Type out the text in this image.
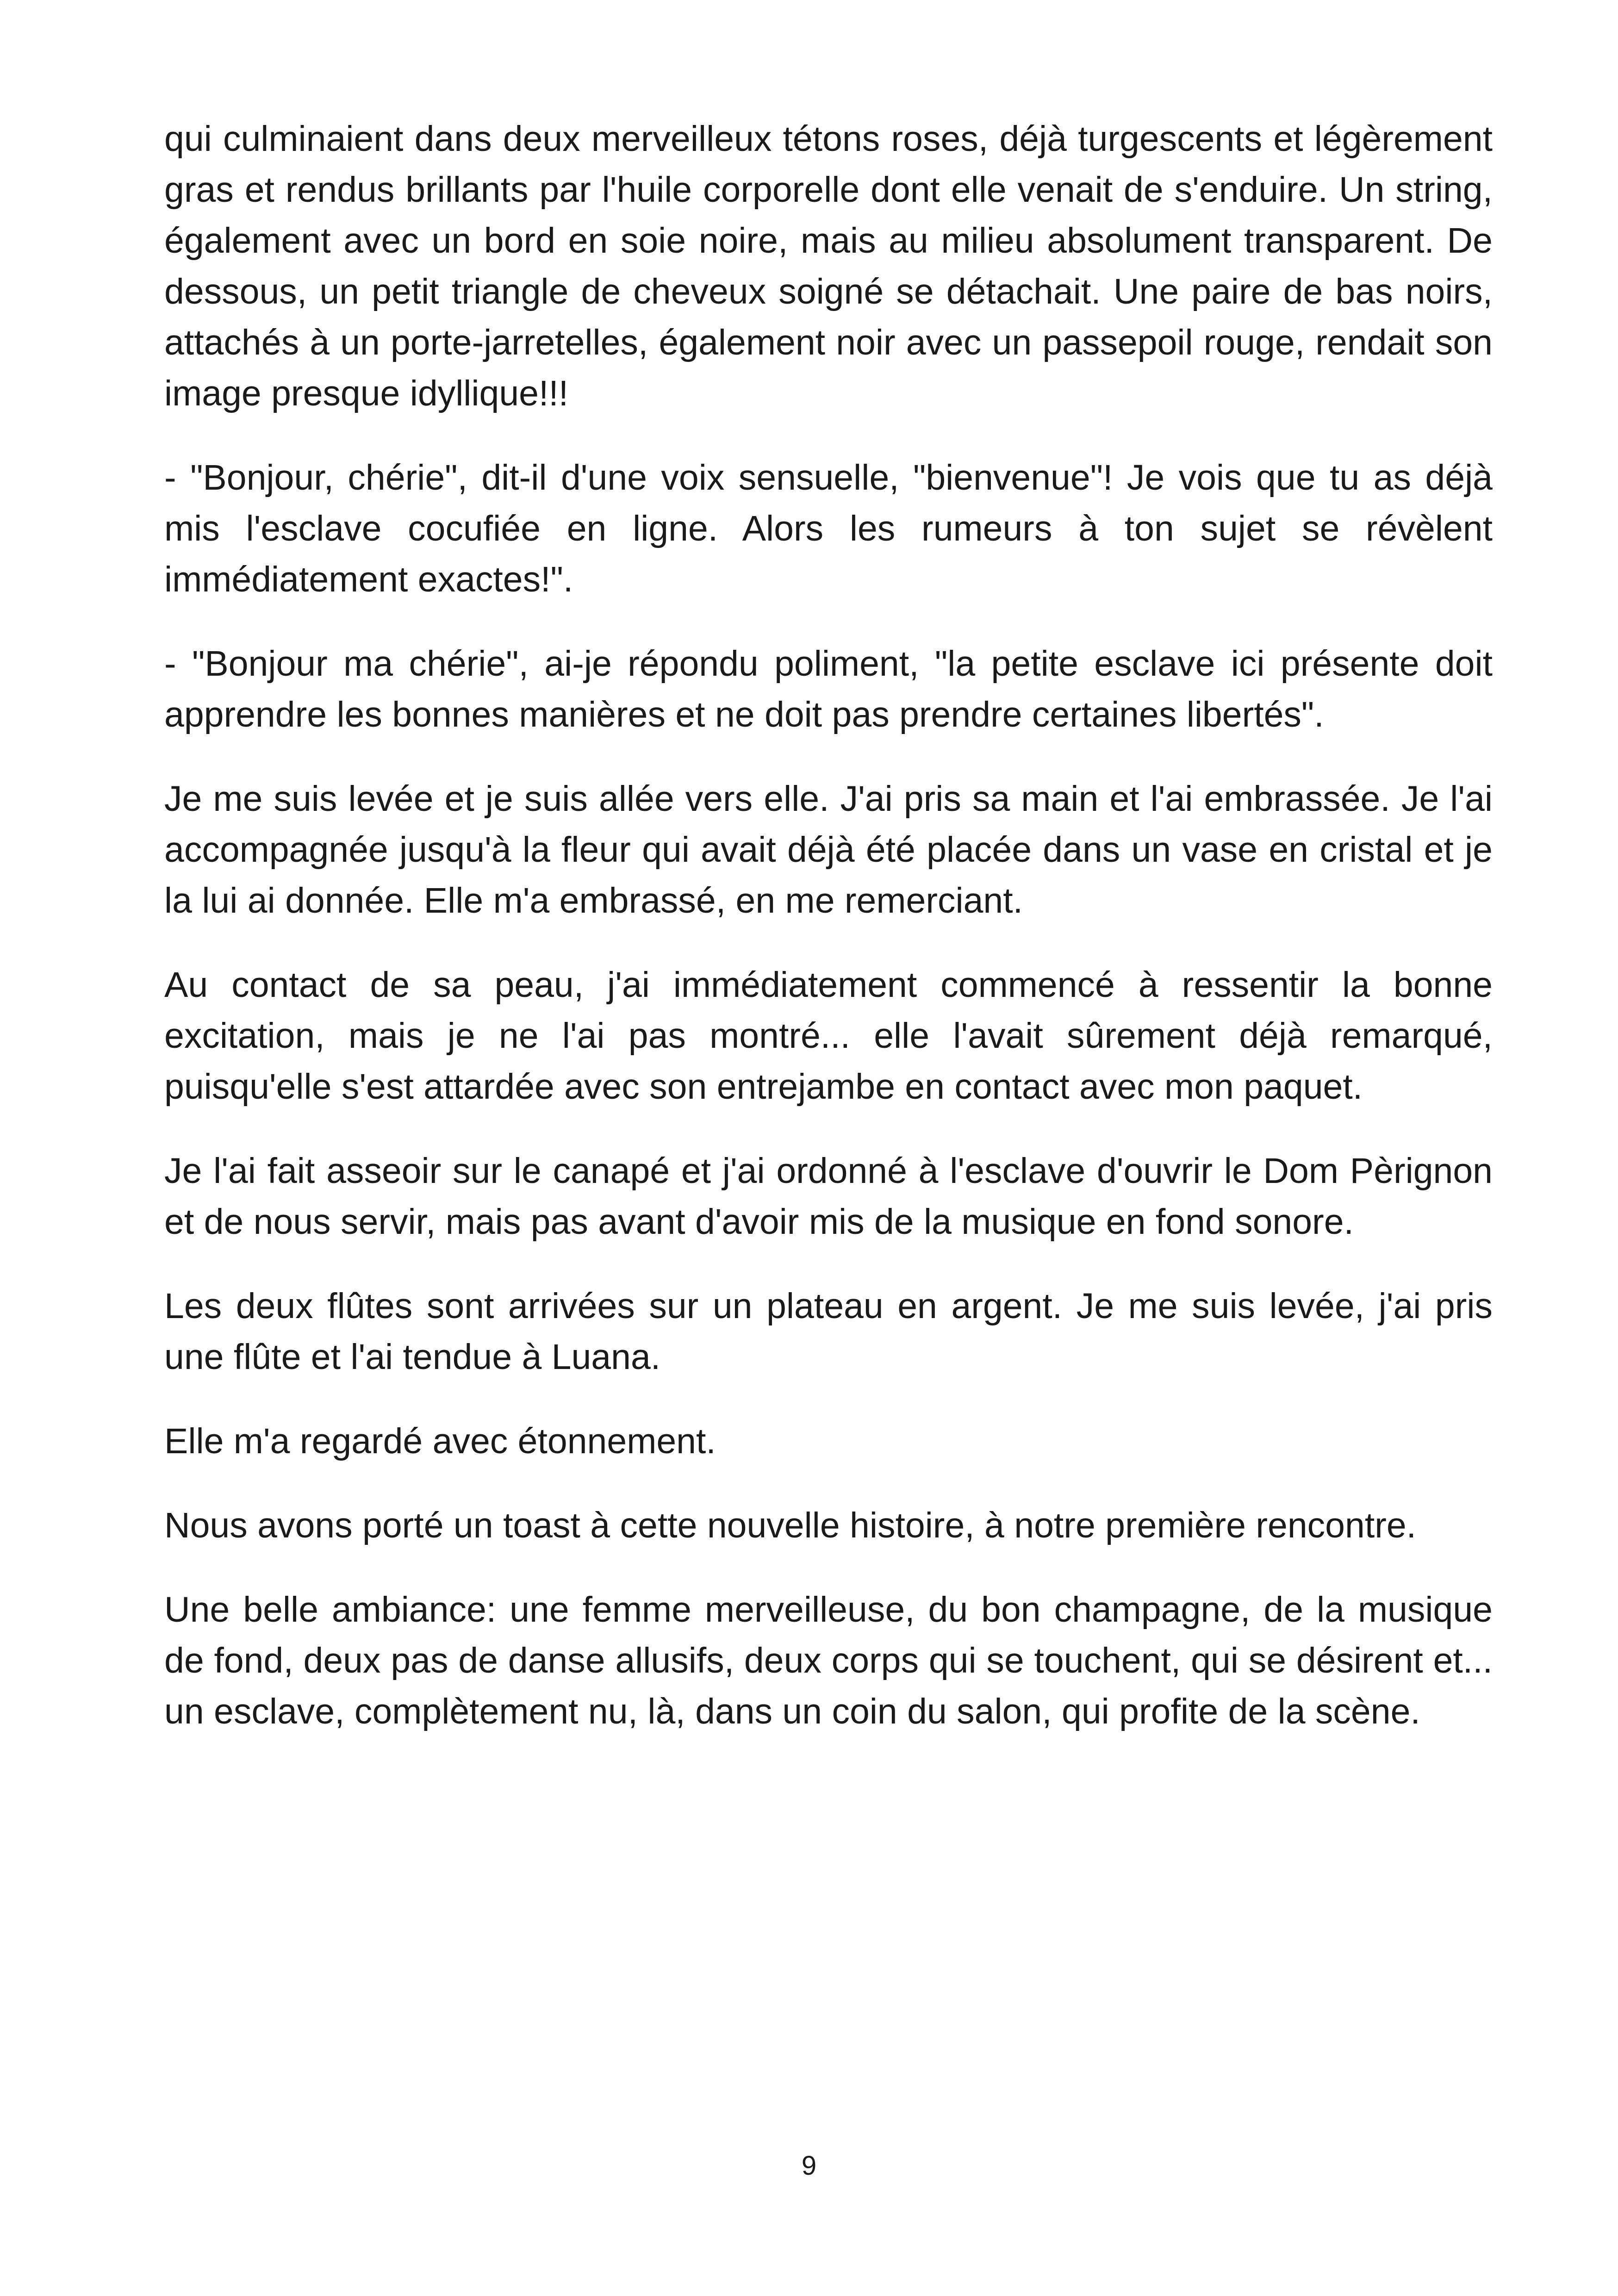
qui culminaient dans deux merveilleux tétons roses, déjà turgescents et légèrement gras et rendus brillants par l'huile corporelle dont elle venait de s'enduire. Un string, également avec un bord en soie noire, mais au milieu absolument transparent. De dessous, un petit triangle de cheveux soigné se détachait. Une paire de bas noirs, attachés à un porte-jarretelles, également noir avec un passepoil rouge, rendait son image presque idyllique!!!

- "Bonjour, chérie", dit-il d'une voix sensuelle, "bienvenue"! Je vois que tu as déjà mis l'esclave cocufiée en ligne. Alors les rumeurs à ton sujet se révèlent immédiatement exactes!".

- "Bonjour ma chérie", ai-je répondu poliment, "la petite esclave ici présente doit apprendre les bonnes manières et ne doit pas prendre certaines libertés".

Je me suis levée et je suis allée vers elle. J'ai pris sa main et l'ai embrassée. Je l'ai accompagnée jusqu'à la fleur qui avait déjà été placée dans un vase en cristal et je la lui ai donnée. Elle m'a embrassé, en me remerciant.

Au contact de sa peau, j'ai immédiatement commencé à ressentir la bonne excitation, mais je ne l'ai pas montré... elle l'avait sûrement déjà remarqué, puisqu'elle s'est attardée avec son entrejambe en contact avec mon paquet.

Je l'ai fait asseoir sur le canapé et j'ai ordonné à l'esclave d'ouvrir le Dom Pèrignon et de nous servir, mais pas avant d'avoir mis de la musique en fond sonore.

Les deux flûtes sont arrivées sur un plateau en argent. Je me suis levée, j'ai pris une flûte et l'ai tendue à Luana.

Elle m'a regardé avec étonnement.

Nous avons porté un toast à cette nouvelle histoire, à notre première rencontre.

Une belle ambiance: une femme merveilleuse, du bon champagne, de la musique de fond, deux pas de danse allusifs, deux corps qui se touchent, qui se désirent et... un esclave, complètement nu, là, dans un coin du salon, qui profite de la scène.

9
